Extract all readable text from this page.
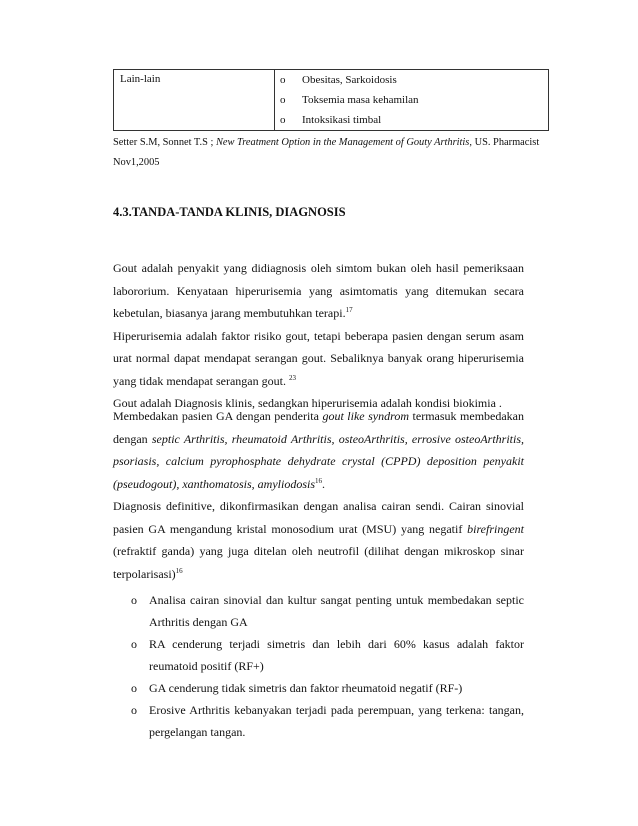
Lain-lain	o Obesitas, Sarkoidosis
o Toksemia masa kehamilan
o Intoksikasi timbal
Setter S.M, Sonnet T.S ; New Treatment Option in the Management of Gouty Arthritis, US. Pharmacist
Nov1,2005
4.3.TANDA-TANDA KLINIS, DIAGNOSIS
Gout adalah penyakit yang didiagnosis oleh simtom bukan oleh hasil pemeriksaan
labororium. Kenyataan hiperurisemia yang asimtomatis yang ditemukan secara
kebetulan, biasanya jarang membutuhkan terapi.$^{17}$
Hiperurisemia adalah faktor risiko gout, tetapi beberapa pasien dengan serum asam
urat normal dapat mendapat serangan gout. Sebaliknya banyak orang hiperurisemia
yang tidak mendapat serangan gout. $^{23}$
Gout adalah Diagnosis klinis, sedangkan hiperurisemia adalah kondisi biokimia .
Membedakan pasien GA dengan penderita gout like syndrom termasuk membedakan
dengan septic Arthritis, rheumatoid Arthritis, osteoArthritis, errosive osteoArthritis,
psoriasis, calcium pyrophosphate dehydrate crystal (CPPD) deposition penyakit
(pseudogout), xanthomatosis, amyliodosis$^{16}$.
Diagnosis definitive, dikonfirmasikan dengan analisa cairan sendi. Cairan sinovial
pasien GA mengandung kristal monosodium urat (MSU) yang negatif birefringent
(refraktif ganda) yang juga ditelan oleh neutrofil (dilihat dengan mikroskop sinar
terpolarisasi)$^{16}$
o Analisa cairan sinovial dan kultur sangat penting untuk membedakan septic Arthritis dengan GA
o RA cenderung terjadi simetris dan lebih dari 60% kasus adalah faktor reumatoid positif (RF+)
o GA cenderung tidak simetris dan faktor rheumatoid negatif (RF-)
o Erosive Arthritis kebanyakan terjadi pada perempuan, yang terkena: tangan, pergelangan tangan.
